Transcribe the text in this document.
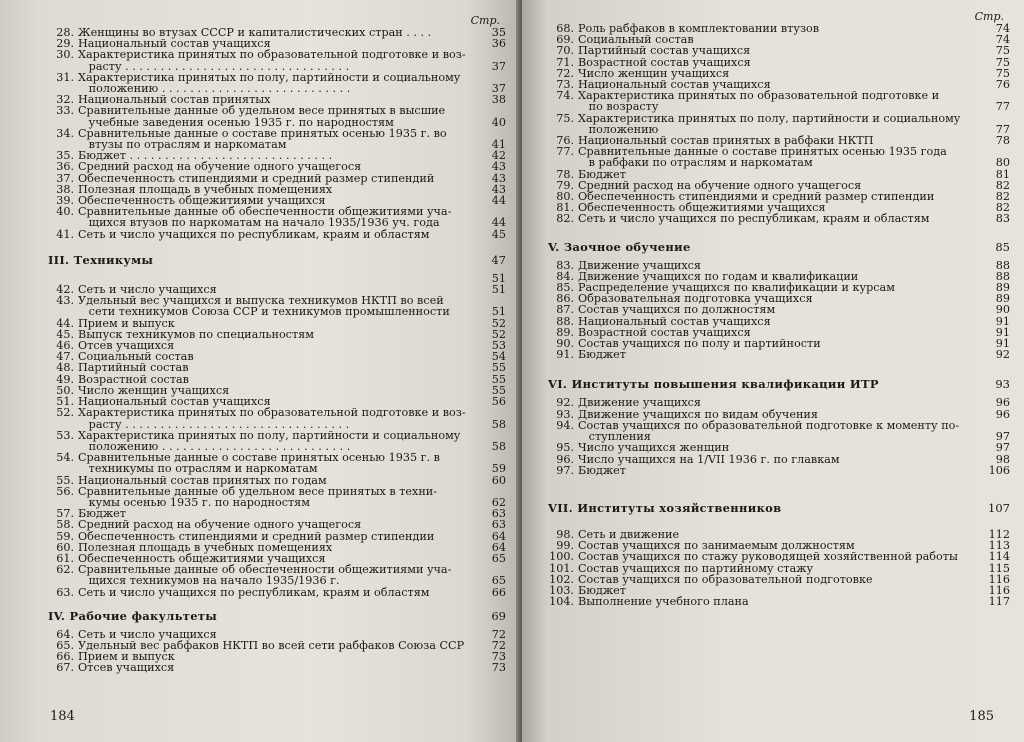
Стр.
28. Женщины во втузах СССР и капиталистических стран . . . .	35
29. Национальный состав учащихся	36
30. Характеристика принятых по образовательной подготовке и воз-
расту . . . . . . . . . . . . . . . . . . . . . . . . . . . . . . . .	37
31. Характеристика принятых по полу, партийности и социальному
положению . . . . . . . . . . . . . . . . . . . . . . . . . . .	37
32. Национальный состав принятых	38
33. Сравнительные данные об удельном весе принятых в высшие
учебные заведения осенью 1935 г. по народностям	40
34. Сравнительные данные о составе принятых осенью 1935 г. во
втузы по отраслям и наркоматам	41
35. Бюджет . . . . . . . . . . . . . . . . . . . . . . . . . . . . .	42
36. Средний расход на обучение одного учащегося	43
37. Обеспеченность стипендиями и средний размер стипендий	43
38. Полезная площадь в учебных помещениях	43
39. Обеспеченность общежитиями учащихся	44
40. Сравнительные данные об обеспеченности общежитиями уча-
щихся втузов по наркоматам на начало 1935/1936 уч. года	44
41. Сеть и число учащихся по республикам, краям и областям	45
III. Техникумы	47

51
42. Сеть и число учащихся	51
43. Удельный вес учащихся и выпуска техникумов НКТП во всей
сети техникумов Союза ССР и техникумов промышленности	51
44. Прием и выпуск	52
45. Выпуск техникумов по специальностям	52
46. Отсев учащихся	53
47. Социальный состав	54
48. Партийный состав	55
49. Возрастной состав	55
50. Число женщин учащихся	55
51. Национальный состав учащихся	56
52. Характеристика принятых по образовательной подготовке и воз-
расту . . . . . . . . . . . . . . . . . . . . . . . . . . . . . . . .	58
53. Характеристика принятых по полу, партийности и социальному
положению . . . . . . . . . . . . . . . . . . . . . . . . . . .	58
54. Сравнительные данные о составе принятых осенью 1935 г. в
техникумы по отраслям и наркоматам	59
55. Национальный состав принятых по годам	60
56. Сравнительные данные об удельном весе принятых в техни-
кумы осенью 1935 г. по народностям	62
57. Бюджет	63
58. Средний расход на обучение одного учащегося	63
59. Обеспеченность стипендиями и средний размер стипендии	64
60. Полезная площадь в учебных помещениях	64
61. Обеспеченность общежитиями учащихся	65
62. Сравнительные данные об обеспеченности общежитиями уча-
щихся техникумов на начало 1935/1936 г.	65
63. Сеть и число учащихся по республикам, краям и областям	66
IV. Рабочие факультеты	69
64. Сеть и число учащихся	72
65. Удельный вес рабфаков НКТП во всей сети рабфаков Союза ССР	72
66. Прием и выпуск	73
67. Отсев учащихся	73
184
Стр.
68. Роль рабфаков в комплектовании втузов	74
69. Социальный состав	74
70. Партийный состав учащихся	75
71. Возрастной состав учащихся	75
72. Число женщин учащихся	75
73. Национальный состав учащихся	76
74. Характеристика принятых по образовательной подготовке и
по возрасту	77
75. Характеристика принятых по полу, партийности и социальному
положению	77
76. Национальный состав принятых в рабфаки НКТП	78
77. Сравнительные данные о составе принятых осенью 1935 года
в рабфаки по отраслям и наркоматам	80
78. Бюджет	81
79. Средний расход на обучение одного учащегося	82
80. Обеспеченность стипендиями и средний размер стипендии	82
81. Обеспеченность общежитиями учащихся	82
82. Сеть и число учащихся по республикам, краям и областям	83
V. Заочное обучение	85
83. Движение учащихся	88
84. Движение учащихся по годам и квалификации	88
85. Распределение учащихся по квалификации и курсам	89
86. Образовательная подготовка учащихся	89
87. Состав учащихся по должностям	90
88. Национальный состав учащихся	91
89. Возрастной состав учащихся	91
90. Состав учащихся по полу и партийности	91
91. Бюджет	92
VI. Институты повышения квалификации ИТР	93
92. Движение учащихся	96
93. Движение учащихся по видам обучения	96
94. Состав учащихся по образовательной подготовке к моменту по-
ступления	97
95. Число учащихся женщин	97
96. Число учащихся на 1/VII 1936 г. по главкам	98
97. Бюджет	106
VII. Институты хозяйственников	107
98. Сеть и движение	112
99. Состав учащихся по занимаемым должностям	113
100. Состав учащихся по стажу руководящей хозяйственной работы	114
101. Состав учащихся по партийному стажу	115
102. Состав учащихся по образовательной подготовке	116
103. Бюджет	116
104. Выполнение учебного плана	117
185
